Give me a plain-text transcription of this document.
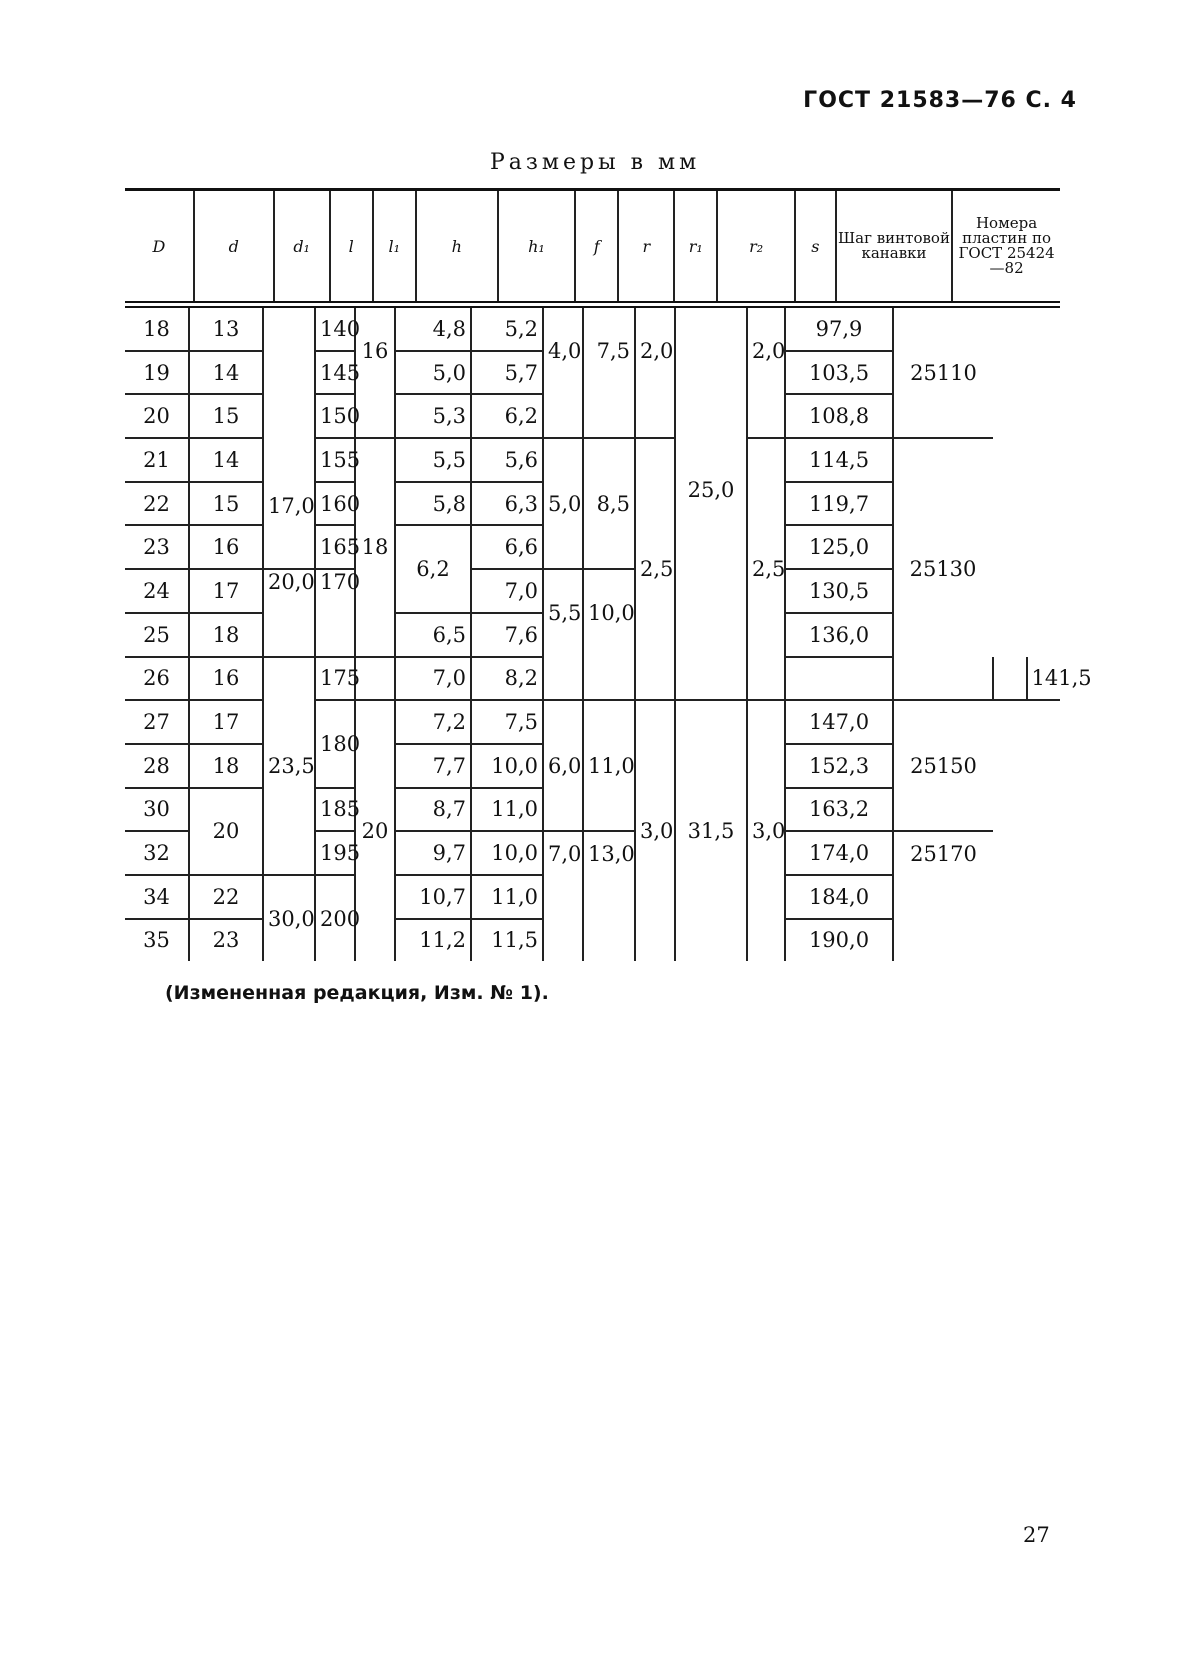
ГОСТ 21583—76 С. 4
Размеры в мм
D	d	d₁	l	l₁	h	h₁	f	r	r₁	r₂	s	Шаг винтовой канавки	Номера пластин по ГОСТ 25424—82
18	13	17,0	140	16	4,8	5,2	4,0	7,5	2,0	25,0	2,0	97,9	25110		
19	14		145		5,0	5,7						103,5			
20	15		150		5,3	6,2						108,8			
21	14		155	18	5,5	5,6	5,0	8,5	2,5		2,5	114,5	25130		
22	15		160		5,8	6,3						119,7			
23	16		165		6,2	6,6						125,0			
24	17	20,0	170			7,0	5,5	10,0				130,5			
25	18				6,5	7,6						136,0			
26	16	23,5	175		7,0	8,2									141,5
27	17		180	20	7,2	7,5	6,0	11,0	3,0	31,5	3,0	147,0	25150		
28	18				7,7	10,0						152,3			
30	20		185		8,7	11,0						163,2			
32			195		9,7	10,0	7,0	13,0				174,0	25170		
34	22	30,0	200		10,7	11,0						184,0			
35	23				11,2	11,5						190,0			
(Измененная редакция, Изм. № 1).
27
